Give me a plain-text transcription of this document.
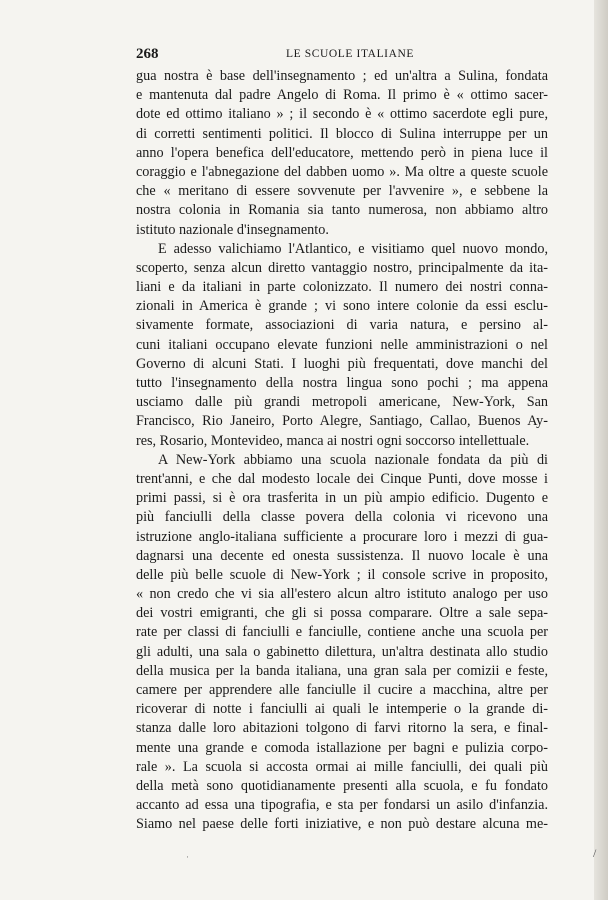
268	LE SCUOLE ITALIANE
gua nostra è base dell'insegnamento ; ed un'altra a Sulina, fondata
e mantenuta dal padre Angelo di Roma. Il primo è « ottimo sacer-
dote ed ottimo italiano » ; il secondo è « ottimo sacerdote egli pure,
di corretti sentimenti politici. Il blocco di Sulina interruppe per un
anno l'opera benefica dell'educatore, mettendo però in piena luce il
coraggio e l'abnegazione del dabben uomo ». Ma oltre a queste scuole
che « meritano di essere sovvenute per l'avvenire », e sebbene la
nostra colonia in Romania sia tanto numerosa, non abbiamo altro
istituto nazionale d'insegnamento.
E adesso valichiamo l'Atlantico, e visitiamo quel nuovo mondo,
scoperto, senza alcun diretto vantaggio nostro, principalmente da ita-
liani e da italiani in parte colonizzato. Il numero dei nostri conna-
zionali in America è grande ; vi sono intere colonie da essi esclu-
sivamente formate, associazioni di varia natura, e persino al-
cuni italiani occupano elevate funzioni nelle amministrazioni o nel
Governo di alcuni Stati. I luoghi più frequentati, dove manchi del
tutto l'insegnamento della nostra lingua sono pochi ; ma appena
usciamo dalle più grandi metropoli americane, New-York, San
Francisco, Rio Janeiro, Porto Alegre, Santiago, Callao, Buenos Ay-
res, Rosario, Montevideo, manca ai nostri ogni soccorso intellettuale.
A New-York abbiamo una scuola nazionale fondata da più di
trent'anni, e che dal modesto locale dei Cinque Punti, dove mosse i
primi passi, si è ora trasferita in un più ampio edificio. Dugento e
più fanciulli della classe povera della colonia vi ricevono una
istruzione anglo-italiana sufficiente a procurare loro i mezzi di gua-
dagnarsi una decente ed onesta sussistenza. Il nuovo locale è una
delle più belle scuole di New-York ; il console scrive in proposito,
« non credo che vi sia all'estero alcun altro istituto analogo per uso
dei vostri emigranti, che gli si possa comparare. Oltre a sale sepa-
rate per classi di fanciulli e fanciulle, contiene anche una scuola per
gli adulti, una sala o gabinetto dilettura, un'altra destinata allo studio
della musica per la banda italiana, una gran sala per comizii e feste,
camere per apprendere alle fanciulle il cucire a macchina, altre per
ricoverar di notte i fanciulli ai quali le intemperie o la grande di-
stanza dalle loro abitazioni tolgono di farvi ritorno la sera, e final-
mente una grande e comoda istallazione per bagni e pulizia corpo-
rale ». La scuola si accosta ormai ai mille fanciulli, dei quali più
della metà sono quotidianamente presenti alla scuola, e fu fondato
accanto ad essa una tipografia, e sta per fondarsi un asilo d'infanzia.
Siamo nel paese delle forti iniziative, e non può destare alcuna me-
/
·
